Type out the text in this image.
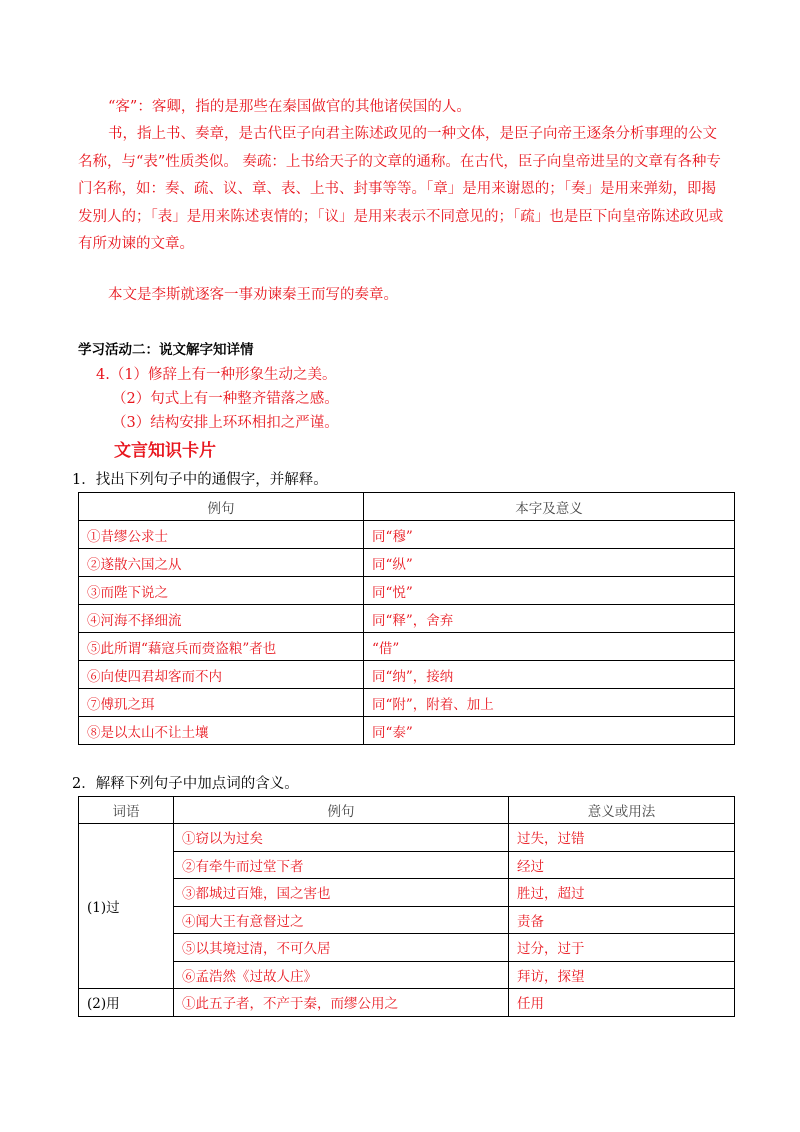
“客”：客卿，指的是那些在秦国做官的其他诸侯国的人。

书，指上书、奏章，是古代臣子向君主陈述政见的一种文体，是臣子向帝王逐条分析事理的公文名称，与“表”性质类似。 奏疏：上书给天子的文章的通称。在古代，臣子向皇帝进呈的文章有各种专门名称，如：奏、疏、议、章、表、上书、封事等等。「章」是用来谢恩的；「奏」是用来弹劾，即揭发别人的；「表」是用来陈述衷情的；「议」是用来表示不同意见的；「疏」也是臣下向皇帝陈述政见或有所劝谏的文章。

本文是李斯就逐客一事劝谏秦王而写的奏章。

学习活动二：说文解字知详情

4.（1）修辞上有一种形象生动之美。

（2）句式上有一种整齐错落之感。

（3）结构安排上环环相扣之严谨。

文言知识卡片

1．找出下列句子中的通假字，并解释。

例句	本字及意义
①昔缪公求士	同“穆”
②遂散六国之从	同“纵”
③而陛下说之	同“悦”
④河海不择细流	同“释”，舍弃
⑤此所谓“藉寇兵而赍盗粮”者也	“借”
⑥向使四君却客而不内	同“纳”，接纳
⑦傅玑之珥	同“附”，附着、加上
⑧是以太山不让土壤	同“泰”

2．解释下列句子中加点词的含义。

词语	例句	意义或用法
(1)过	①窃以为过矣	过失，过错
	②有牵牛而过堂下者	经过
	③都城过百雉，国之害也	胜过，超过
	④闻大王有意督过之	责备
	⑤以其境过清，不可久居	过分，过于
	⑥孟浩然《过故人庄》	拜访，探望
(2)用	①此五子者，不产于秦，而缪公用之	任用
